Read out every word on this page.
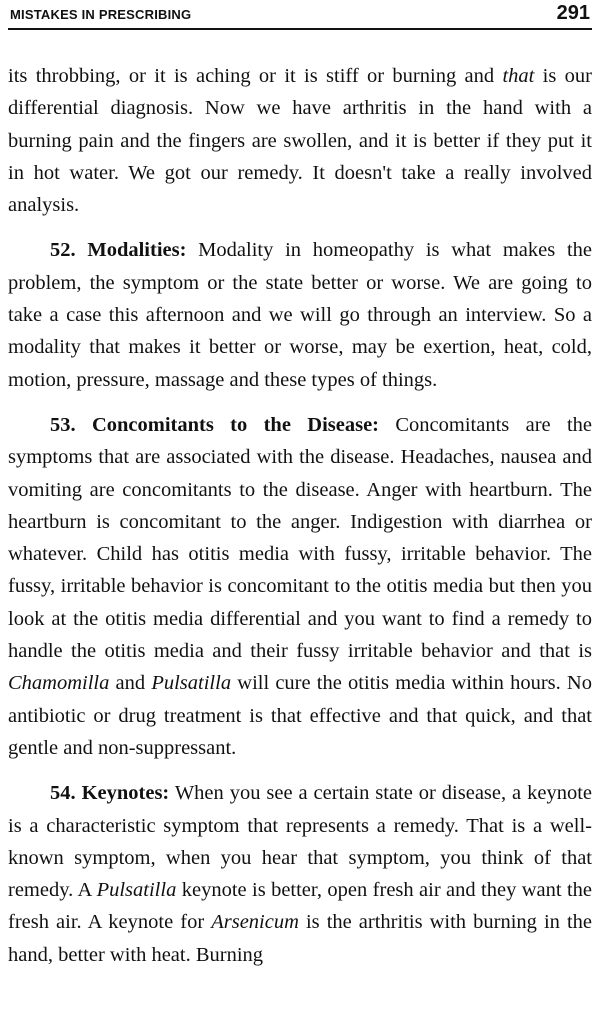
MISTAKES IN PRESCRIBING	291

its throbbing, or it is aching or it is stiff or burning and that is our differential diagnosis. Now we have arthritis in the hand with a burning pain and the fingers are swollen, and it is better if they put it in hot water. We got our remedy. It doesn't take a really involved analysis.

52. Modalities: Modality in homeopathy is what makes the problem, the symptom or the state better or worse. We are going to take a case this afternoon and we will go through an interview. So a modality that makes it better or worse, may be exertion, heat, cold, motion, pressure, massage and these types of things.

53. Concomitants to the Disease: Concomitants are the symptoms that are associated with the disease. Headaches, nausea and vomiting are concomitants to the disease. Anger with heartburn. The heartburn is concomitant to the anger. Indigestion with diarrhea or whatever. Child has otitis media with fussy, irritable behavior. The fussy, irritable behavior is concomitant to the otitis media but then you look at the otitis media differential and you want to find a remedy to handle the otitis media and their fussy irritable behavior and that is Chamomilla and Pulsatilla will cure the otitis media within hours. No antibiotic or drug treatment is that effective and that quick, and that gentle and non-suppressant.

54. Keynotes: When you see a certain state or disease, a keynote is a characteristic symptom that represents a remedy. That is a well-known symptom, when you hear that symptom, you think of that remedy. A Pulsatilla keynote is better, open fresh air and they want the fresh air. A keynote for Arsenicum is the arthritis with burning in the hand, better with heat. Burning
